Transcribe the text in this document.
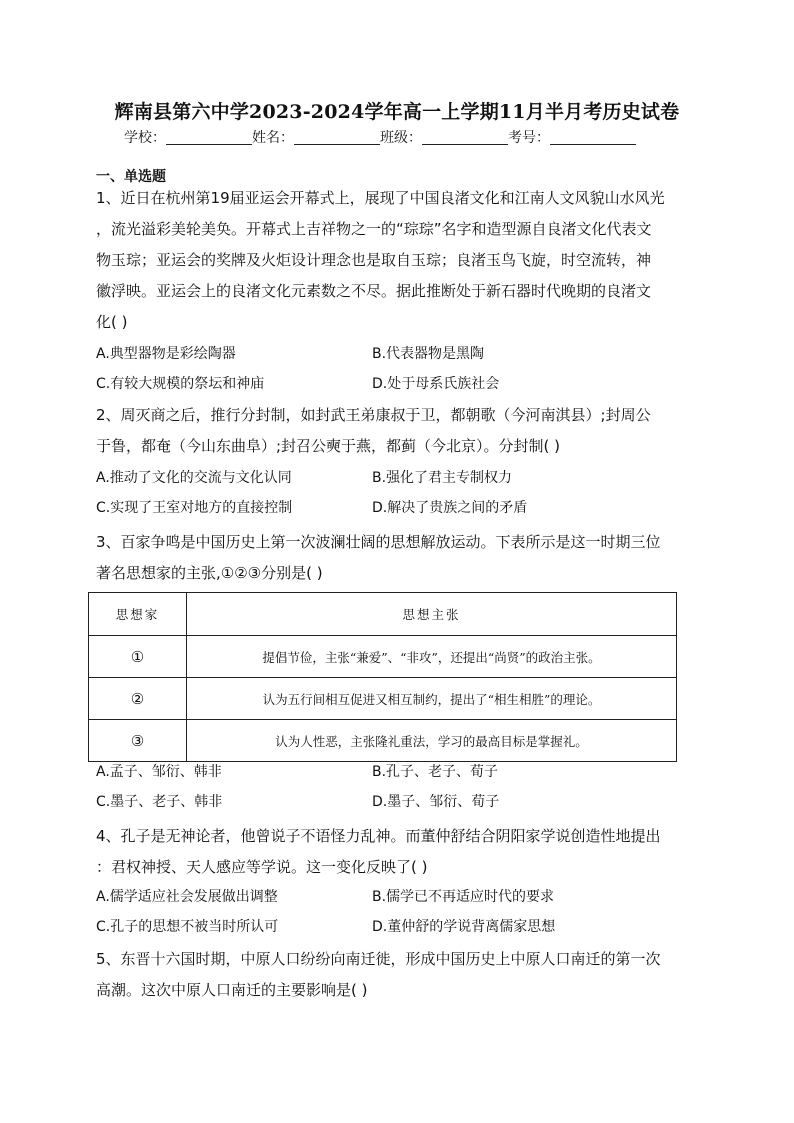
辉南县第六中学2023-2024学年高一上学期11月半月考历史试卷
学校：	姓名：	班级：	考号：
一、单选题
1、近日在杭州第19届亚运会开幕式上，展现了中国良渚文化和江南人文风貌山水风光
，流光溢彩美轮美奂。开幕式上吉祥物之一的“琮琮”名字和造型源自良渚文化代表文
物玉琮；亚运会的奖牌及火炬设计理念也是取自玉琮；良渚玉鸟飞旋，时空流转，神
徽浮映。亚运会上的良渚文化元素数之不尽。据此推断处于新石器时代晚期的良渚文
化( )
A.典型器物是彩绘陶器	B.代表器物是黑陶
C.有较大规模的祭坛和神庙	D.处于母系氏族社会
2、周灭商之后，推行分封制，如封武王弟康叔于卫，都朝歌（今河南淇县）;封周公
于鲁，都奄（今山东曲阜）;封召公奭于燕，都蓟（今北京）。分封制( )
A.推动了文化的交流与文化认同	B.强化了君主专制权力
C.实现了王室对地方的直接控制	D.解决了贵族之间的矛盾
3、百家争鸣是中国历史上第一次波澜壮阔的思想解放运动。下表所示是这一时期三位
著名思想家的主张,①②③分别是( )
思想家	思想主张
①	提倡节俭，主张“兼爱”、“非攻”，还提出“尚贤”的政治主张。
②	认为五行间相互促进又相互制约，提出了“相生相胜”的理论。
③	认为人性恶，主张隆礼重法，学习的最高目标是掌握礼。
A.孟子、邹衍、韩非	B.孔子、老子、荀子
C.墨子、老子、韩非	D.墨子、邹衍、荀子
4、孔子是无神论者，他曾说子不语怪力乱神。而董仲舒结合阴阳家学说创造性地提出
：君权神授、天人感应等学说。这一变化反映了( )
A.儒学适应社会发展做出调整	B.儒学已不再适应时代的要求
C.孔子的思想不被当时所认可	D.董仲舒的学说背离儒家思想
5、东晋十六国时期，中原人口纷纷向南迁徙，形成中国历史上中原人口南迁的第一次
高潮。这次中原人口南迁的主要影响是( )
